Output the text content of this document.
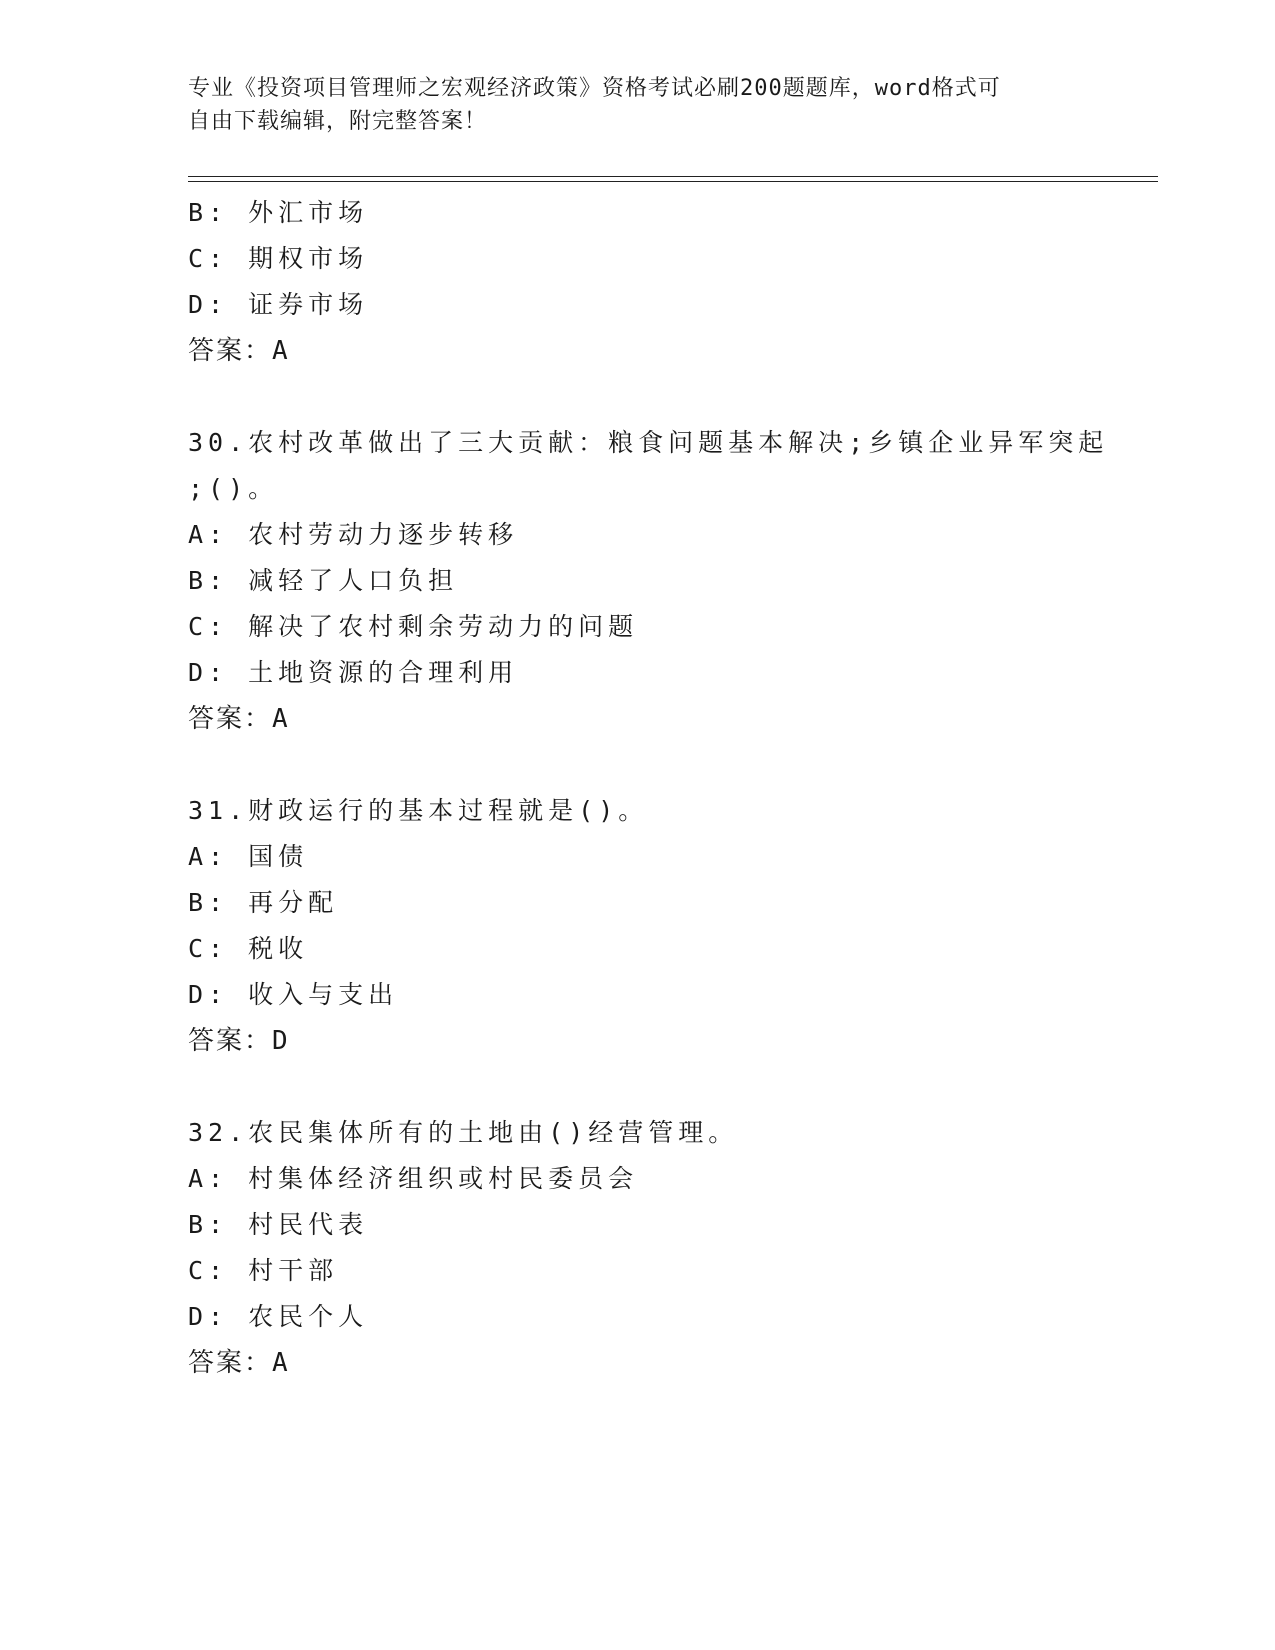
专业《投资项目管理师之宏观经济政策》资格考试必刷200题题库，word格式可
自由下载编辑，附完整答案！
B: 外汇市场
C: 期权市场
D: 证券市场
答案：A
30.农村改革做出了三大贡献：粮食问题基本解决;乡镇企业异军突起
;()。
A: 农村劳动力逐步转移
B: 减轻了人口负担
C: 解决了农村剩余劳动力的问题
D: 土地资源的合理利用
答案：A
31.财政运行的基本过程就是()。
A: 国债
B: 再分配
C: 税收
D: 收入与支出
答案：D
32.农民集体所有的土地由()经营管理。
A: 村集体经济组织或村民委员会
B: 村民代表
C: 村干部
D: 农民个人
答案：A
